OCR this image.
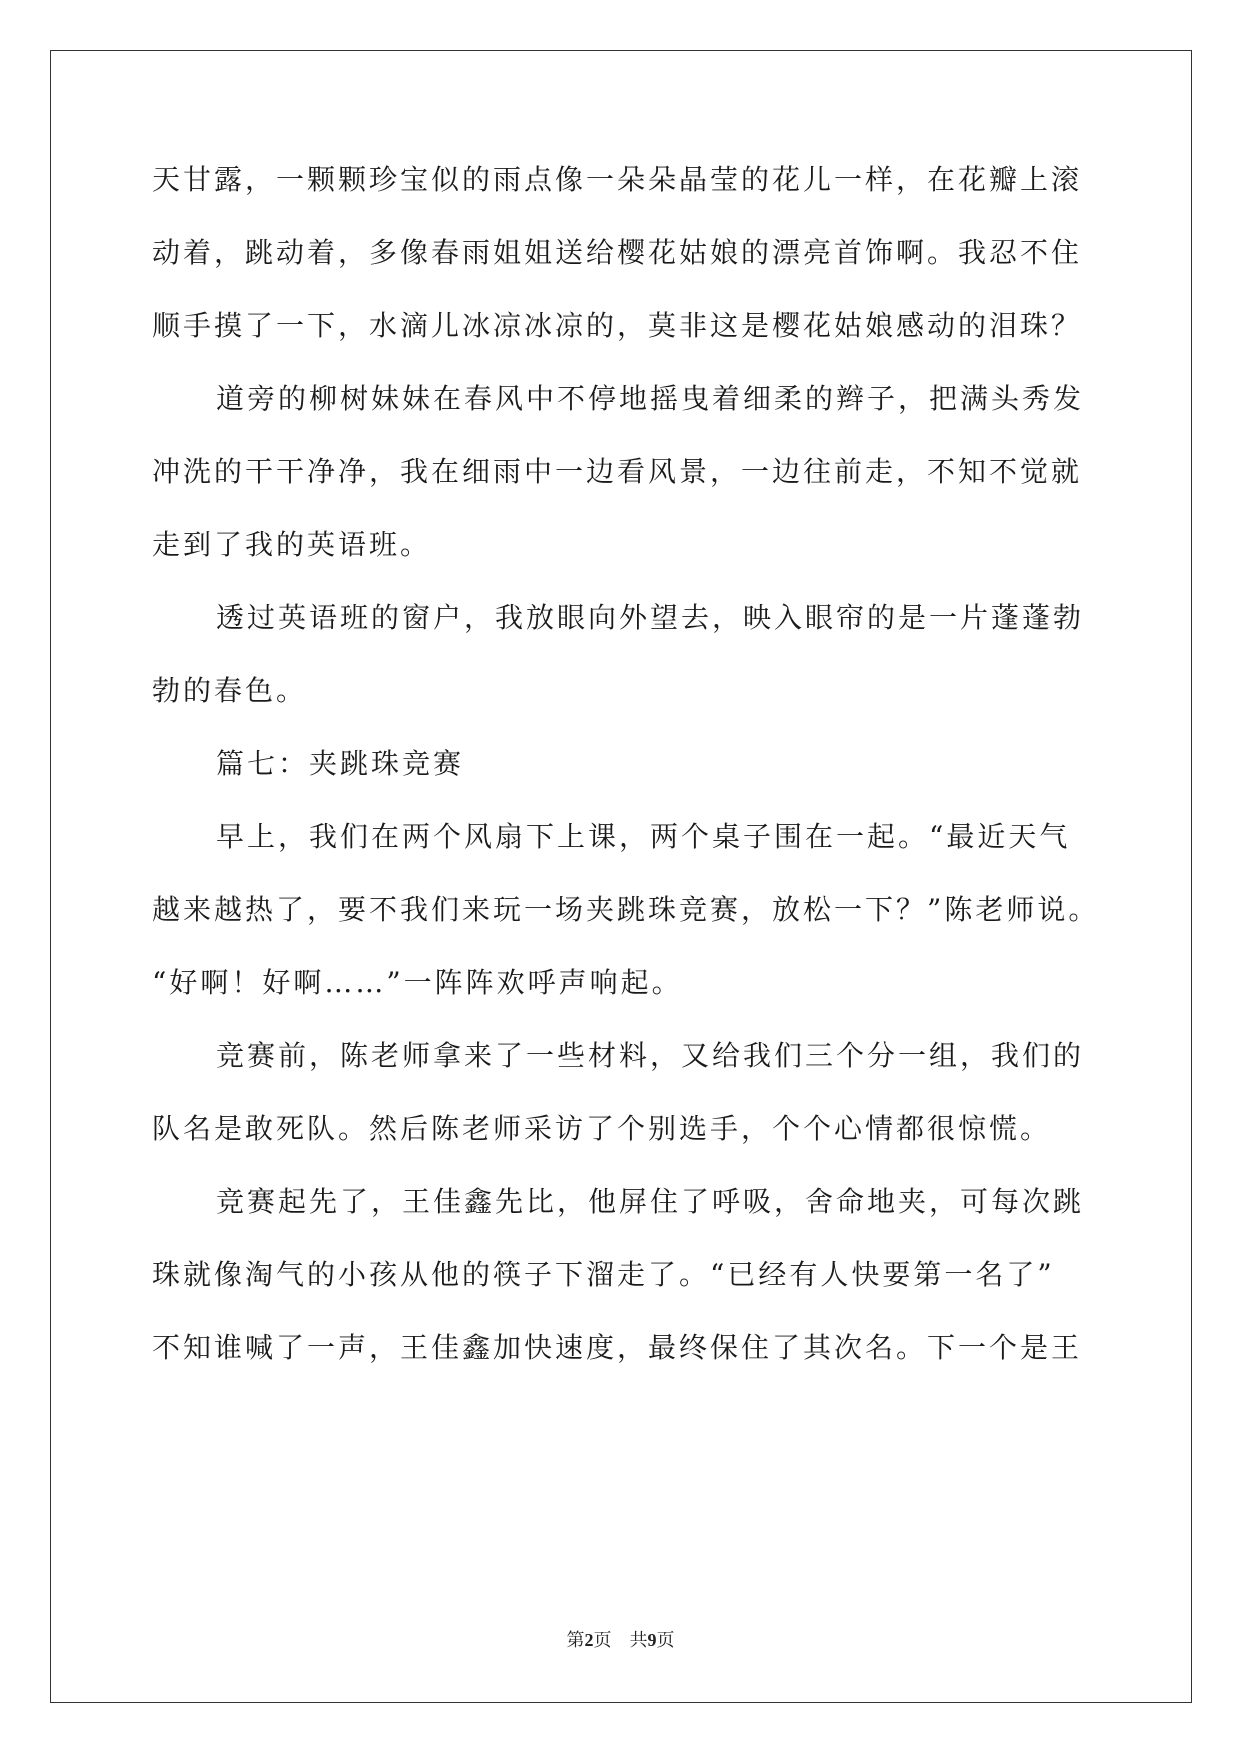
天甘露，一颗颗珍宝似的雨点像一朵朵晶莹的花儿一样，在花瓣上滚
动着，跳动着，多像春雨姐姐送给樱花姑娘的漂亮首饰啊。我忍不住
顺手摸了一下，水滴儿冰凉冰凉的，莫非这是樱花姑娘感动的泪珠？
道旁的柳树妹妹在春风中不停地摇曳着细柔的辫子，把满头秀发
冲洗的干干净净，我在细雨中一边看风景，一边往前走，不知不觉就
走到了我的英语班。
透过英语班的窗户，我放眼向外望去，映入眼帘的是一片蓬蓬勃
勃的春色。
篇七：夹跳珠竞赛
早上，我们在两个风扇下上课，两个桌子围在一起。“最近天气
越来越热了，要不我们来玩一场夹跳珠竞赛，放松一下？”陈老师说。
“好啊！好啊……”一阵阵欢呼声响起。
竞赛前，陈老师拿来了一些材料，又给我们三个分一组，我们的
队名是敢死队。然后陈老师采访了个别选手，个个心情都很惊慌。
竞赛起先了，王佳鑫先比，他屏住了呼吸，舍命地夹，可每次跳
珠就像淘气的小孩从他的筷子下溜走了。“已经有人快要第一名了”
不知谁喊了一声，王佳鑫加快速度，最终保住了其次名。下一个是王
第2页 共9页
